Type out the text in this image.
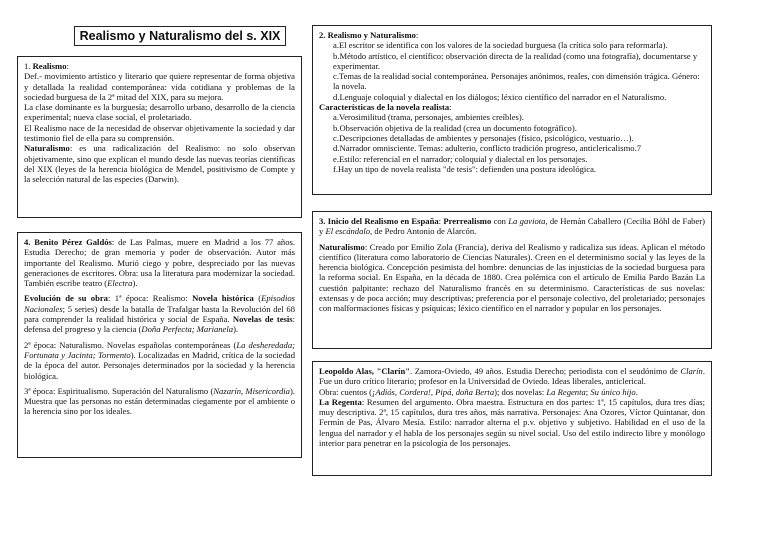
Realismo y Naturalismo del s. XIX

1. Realismo:

Def.- movimiento artístico y literario que quiere representar de forma objetiva y detallada la realidad contemporánea: vida cotidiana y problemas de la sociedad burguesa de la 2ª mitad del XIX, para su mejora.

La clase dominante es la burguesía; desarrollo urbano, desarrollo de la ciencia experimental; nueva clase social, el proletariado.

El Realismo nace de la necesidad de observar objetivamente la sociedad y dar testimonio fiel de ella para su comprensión.

Naturalismo: es una radicalización del Realismo: no solo observan objetivamente, sino que explican el mundo desde las nuevas teorías científicas del XIX (leyes de la herencia biológica de Mendel, positivismo de Compte y la selección natural de las especies (Darwin).

2. Realismo y Naturalismo:

a.El escritor se identifica con los valores de la sociedad burguesa (la crítica solo para reformarla).

b.Método artístico, el científico: observación directa de la realidad (como una fotografía), documentarse y experimentar.

c.Temas de la realidad social contemporánea. Personajes anónimos, reales, con dimensión trágica. Género: la novela.

d.Lenguaje coloquial y dialectal en los diálogos; léxico científico del narrador en el Naturalismo.

Características de la novela realista:

a.Verosimilitud (trama, personajes, ambientes creíbles).

b.Observación objetiva de la realidad (crea un documento fotográfico).

c.Descripciones detalladas de ambientes y personajes (físico, psicológico, vestuario…).

d.Narrador omnisciente. Temas: adulterio, conflicto tradición progreso, anticlericalismo.7

e.Estilo: referencial en el narrador; coloquial y dialectal en los personajes.

f.Hay un tipo de novela realista "de tesis": defienden una postura ideológica.

4. Benito Pérez Galdós: de Las Palmas, muere en Madrid a los 77 años. Estudia Derecho; de gran memoria y poder de observación. Autor más importante del Realismo. Murió ciego y pobre, despreciado por las nuevas generaciones de escritores. Obra: usa la literatura para modernizar la sociedad. También escribe teatro (Electra).

Evolución de su obra: 1ª época: Realismo: Novela histórica (Episodios Nacionales; 5 series) desde la batalla de Trafalgar hasta la Revolución del 68 para comprender la realidad histórica y social de España. Novelas de tesis: defensa del progreso y la ciencia (Doña Perfecta; Marianela).

2ª época: Naturalismo. Novelas españolas contemporáneas (La desheredada; Fortunata y Jacinta; Tormento). Localizadas en Madrid, crítica de la sociedad de la época del autor. Personajes determinados por la sociedad y la herencia biológica.

3ª época: Espiritualismo. Superación del Naturalismo (Nazarín, Misericordia). Muestra que las personas no están determinadas ciegamente por el ambiente o la herencia sino por los ideales.

3. Inicio del Realismo en España: Prerrealismo con La gaviota, de Hernán Caballero (Cecilia Böhl de Faber) y El escándalo, de Pedro Antonio de Alarcón.

Naturalismo: Creado por Emilio Zola (Francia), deriva del Realismo y radicaliza sus ideas. Aplican el método científico (literatura como laboratorio de Ciencias Naturales). Creen en el determinismo social y las leyes de la herencia biológica. Concepción pesimista del hombre: denuncias de las injusticias de la sociedad burguesa para la reforma social. En España, en la década de 1880. Crea polémica con el artículo de Emilia Pardo Bazán La cuestión palpitante: rechazo del Naturalismo francés en su determinismo. Características de sus novelas: extensas y de poca acción; muy descriptivas; preferencia por el personaje colectivo, del proletariado; personajes con malformaciones físicas y psíquicas; léxico científico en el narrador y popular en los personajes.

Leopoldo Alas, "Clarín". Zamora-Oviedo, 49 años. Estudia Derecho; periodista con el seudónimo de Clarín. Fue un duro crítico literario; profesor en la Universidad de Oviedo. Ideas liberales, anticlerical.

Obra: cuentos (¡Adiós, Cordera!, Pipá, doña Berta); dos novelas: La Regenta; Su único hijo.

La Regenta: Resumen del argumento. Obra maestra. Estructura en dos partes: 1ª, 15 capítulos, dura tres días; muy descriptiva. 2ª, 15 capítulos, dura tres años, más narrativa. Personajes: Ana Ozores, Víctor Quintanar, don Fermín de Pas, Álvaro Mesía. Estilo: narrador alterna el p.v. objetivo y subjetivo. Habilidad en el uso de la lengua del narrador y el habla de los personajes según su nivel social. Uso del estilo indirecto libre y monólogo interior para penetrar en la psicología de los personajes.
